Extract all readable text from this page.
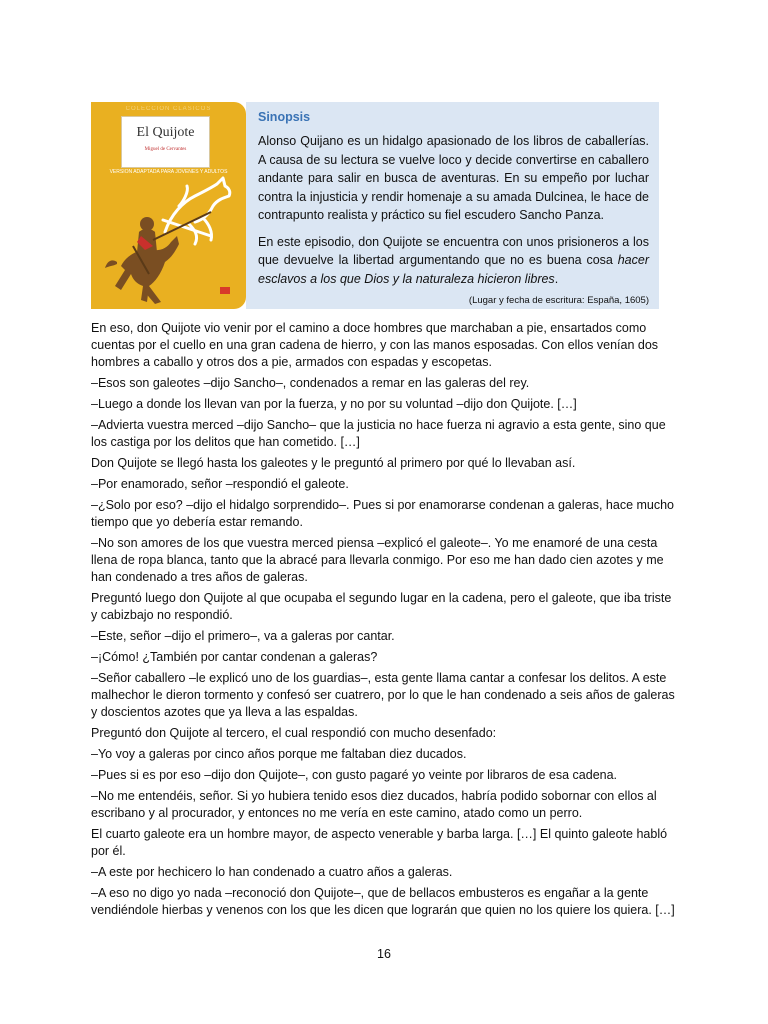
COLECCIÓN CLÁSICOS
El Quijote
Miguel de Cervantes
VERSIÓN ADAPTADA PARA JÓVENES Y ADULTOS
Sinopsis

Alonso Quijano es un hidalgo apasionado de los libros de caballerías. A causa de su lectura se vuelve loco y decide convertirse en caballero andante para salir en busca de aventuras. En su empeño por luchar contra la injusticia y rendir homenaje a su amada Dulcinea, le hace de contrapunto realista y práctico su fiel escudero Sancho Panza.

En este episodio, don Quijote se encuentra con unos prisioneros a los que devuelve la libertad argumentando que no es buena cosa hacer esclavos a los que Dios y la naturaleza hicieron libres.

(Lugar y fecha de escritura: España, 1605)

En eso, don Quijote vio venir por el camino a doce hombres que marchaban a pie, ensartados como cuentas por el cuello en una gran cadena de hierro, y con las manos esposadas. Con ellos venían dos hombres a caballo y otros dos a pie, armados con espadas y escopetas.

–Esos son galeotes –dijo Sancho–, condenados a remar en las galeras del rey.

–Luego a donde los llevan van por la fuerza, y no por su voluntad –dijo don Quijote. […]

–Advierta vuestra merced –dijo Sancho– que la justicia no hace fuerza ni agravio a esta gente, sino que los castiga por los delitos que han cometido. […]

Don Quijote se llegó hasta los galeotes y le preguntó al primero por qué lo llevaban así.

–Por enamorado, señor –respondió el galeote.

–¿Solo por eso? –dijo el hidalgo sorprendido–. Pues si por enamorarse condenan a galeras, hace mucho tiempo que yo debería estar remando.

–No son amores de los que vuestra merced piensa –explicó el galeote–. Yo me enamoré de una cesta llena de ropa blanca, tanto que la abracé para llevarla conmigo. Por eso me han dado cien azotes y me han condenado a tres años de galeras.

Preguntó luego don Quijote al que ocupaba el segundo lugar en la cadena, pero el galeote, que iba triste y cabizbajo no respondió.

–Este, señor –dijo el primero–, va a galeras por cantar.

–¡Cómo! ¿También por cantar condenan a galeras?

–Señor caballero –le explicó uno de los guardias–, esta gente llama cantar a confesar los delitos. A este malhechor le dieron tormento y confesó ser cuatrero, por lo que le han condenado a seis años de galeras y doscientos azotes que ya lleva a las espaldas.

Preguntó don Quijote al tercero, el cual respondió con mucho desenfado:

–Yo voy a galeras por cinco años porque me faltaban diez ducados.

–Pues si es por eso –dijo don Quijote–, con gusto pagaré yo veinte por libraros de esa cadena.

–No me entendéis, señor. Si yo hubiera tenido esos diez ducados, habría podido sobornar con ellos al escribano y al procurador, y entonces no me vería en este camino, atado como un perro.

El cuarto galeote era un hombre mayor, de aspecto venerable y barba larga. […] El quinto galeote habló por él.

–A este por hechicero lo han condenado a cuatro años a galeras.

–A eso no digo yo nada –reconoció don Quijote–, que de bellacos embusteros es engañar a la gente vendiéndole hierbas y venenos con los que les dicen que lograrán que quien no los quiere los quiera. […]

16
